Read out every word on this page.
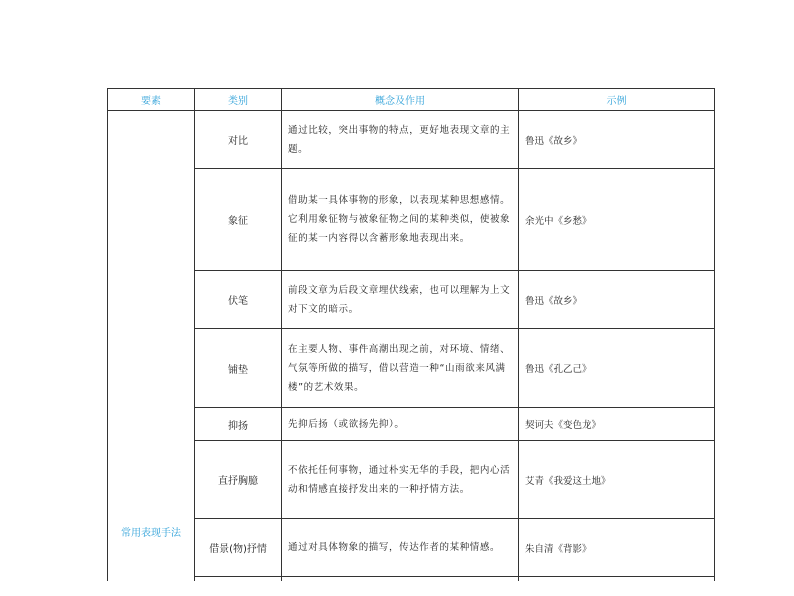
要素	类别	概念及作用	示例
常用表现手法	对比	通过比较，突出事物的特点，更好地表现文章的主题。	鲁迅《故乡》
	象征	借助某一具体事物的形象，以表现某种思想感情。它利用象征物与被象征物之间的某种类似，使被象征的某一内容得以含蓄形象地表现出来。	余光中《乡愁》
	伏笔	前段文章为后段文章埋伏线索，也可以理解为上文对下文的暗示。	鲁迅《故乡》
	铺垫	在主要人物、事件高潮出现之前，对环境、情绪、气氛等所做的描写，借以营造一种“山雨欲来风满楼”的艺术效果。	鲁迅《孔乙己》
	抑扬	先抑后扬（或欲扬先抑）。	契诃夫《变色龙》
	直抒胸臆	不依托任何事物，通过朴实无华的手段，把内心活动和情感直接抒发出来的一种抒情方法。	艾青《我爱这土地》
	借景(物)抒情	通过对具体物象的描写，传达作者的某种情感。	朱自清《背影》
